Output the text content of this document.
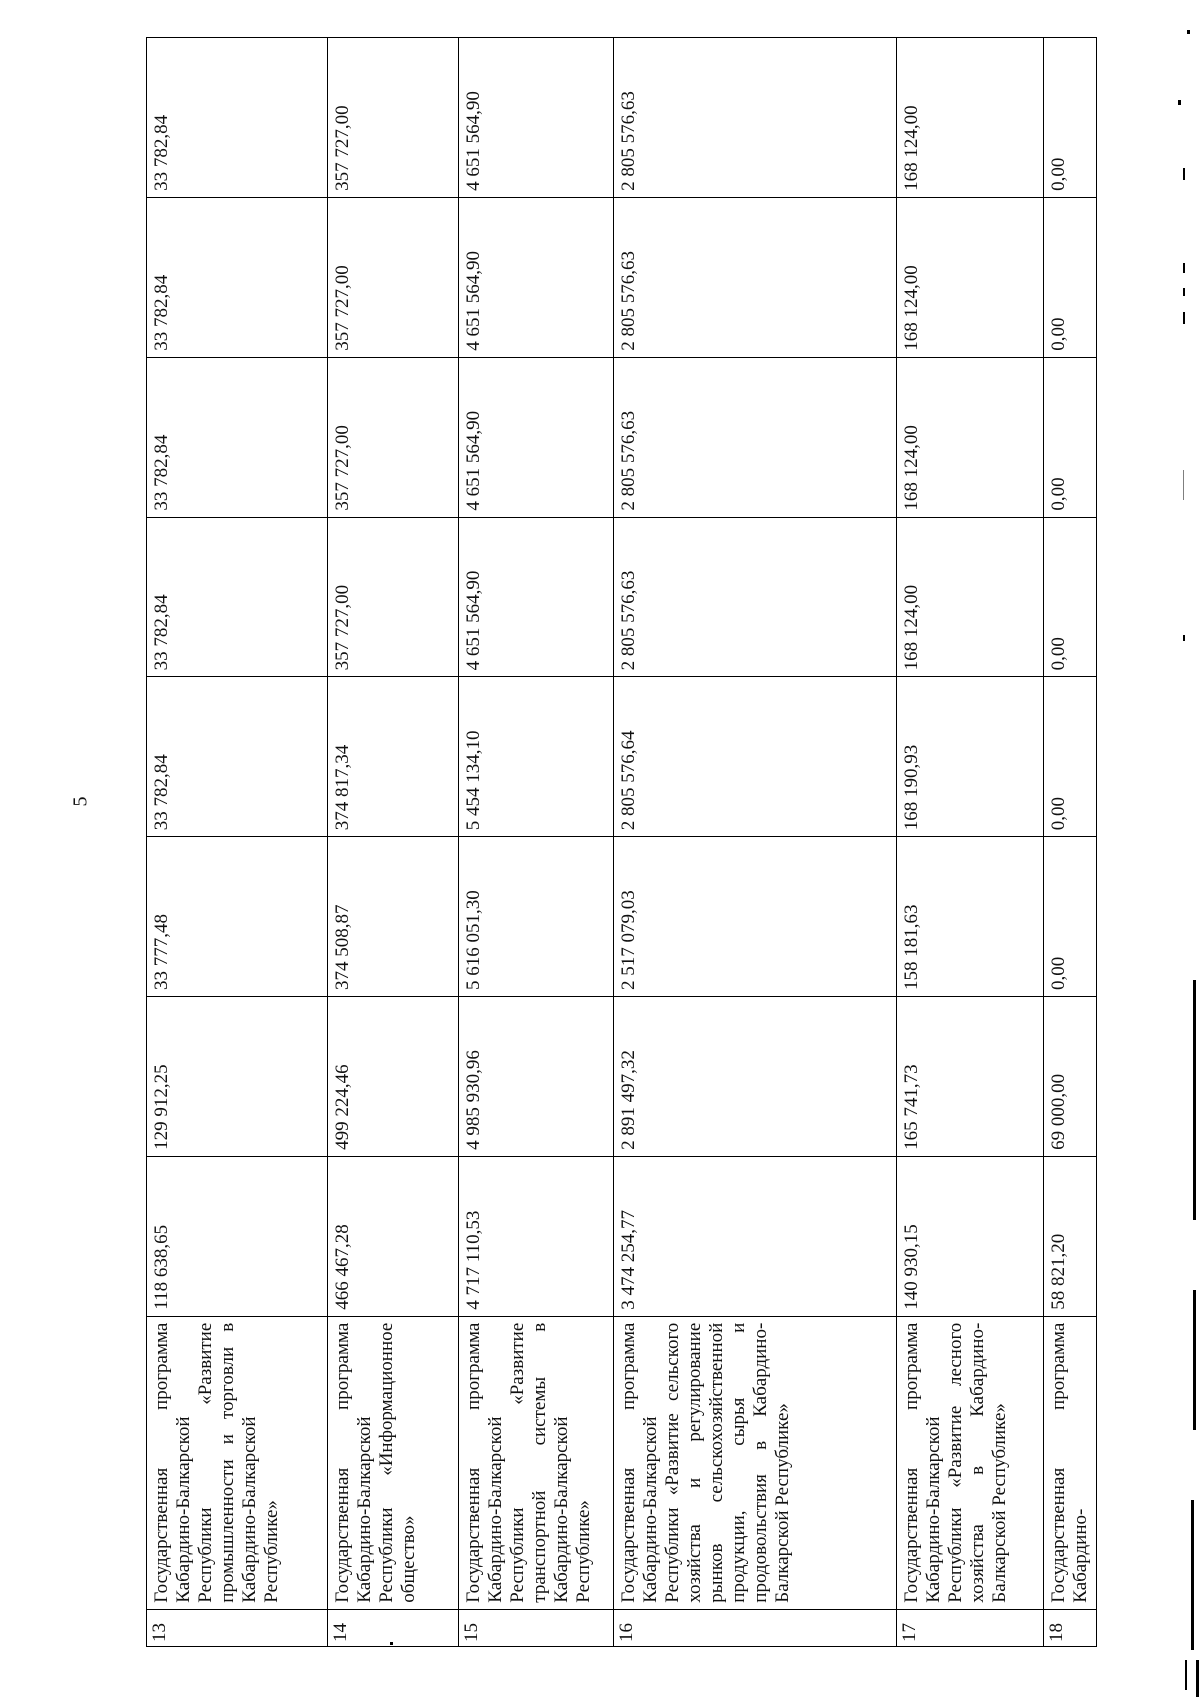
5
13	Государственная программа Кабардино-Балкарской Республики «Развитие промышленности и торговли в Кабардино-Балкарской Республике»	118 638,65	129 912,25	33 777,48	33 782,84	33 782,84	33 782,84	33 782,84	33 782,84
14	Государственная программа Кабардино-Балкарской Республики «Информационное общество»	466 467,28	499 224,46	374 508,87	374 817,34	357 727,00	357 727,00	357 727,00	357 727,00
15	Государственная программа Кабардино-Балкарской Республики «Развитие транспортной системы в Кабардино-Балкарской Республике»	4 717 110,53	4 985 930,96	5 616 051,30	5 454 134,10	4 651 564,90	4 651 564,90	4 651 564,90	4 651 564,90
16	Государственная программа Кабардино-Балкарской Республики «Развитие сельского хозяйства и регулирование рынков сельскохозяйственной продукции, сырья и продовольствия в Кабардино-Балкарской Республике»	3 474 254,77	2 891 497,32	2 517 079,03	2 805 576,64	2 805 576,63	2 805 576,63	2 805 576,63	2 805 576,63
17	Государственная программа Кабардино-Балкарской Республики «Развитие лесного хозяйства в Кабардино-Балкарской Республике»	140 930,15	165 741,73	158 181,63	168 190,93	168 124,00	168 124,00	168 124,00	168 124,00
18	Государственная программа Кабардино-	58 821,20	69 000,00	0,00	0,00	0,00	0,00	0,00	0,00
